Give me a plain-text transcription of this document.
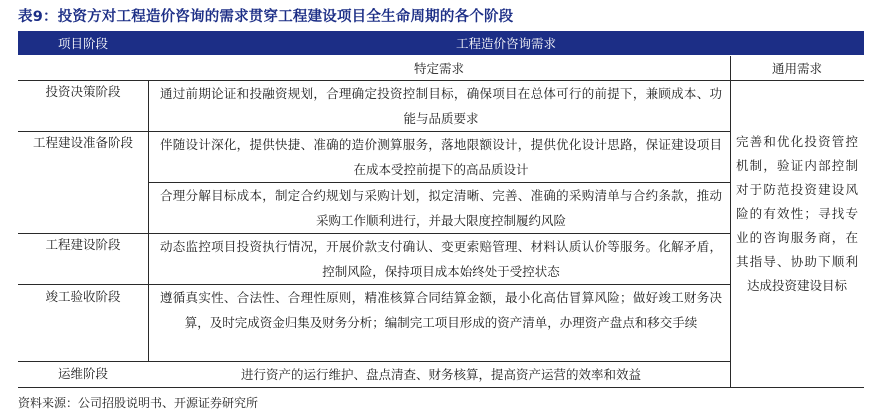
表9：投资方对工程造价咨询的需求贯穿工程建设项目全生命周期的各个阶段
项目阶段	工程造价咨询需求
特定需求	通用需求
投资决策阶段
工程建设准备阶段
工程建设阶段
竣工验收阶段
运维阶段
通过前期论证和投融资规划，合理确定投资控制目标，确保项目在总体可行的前提下，兼顾成本、功能与品质要求
伴随设计深化，提供快捷、准确的造价测算服务，落地限额设计，提供优化设计思路，保证建设项目在成本受控前提下的高品质设计
合理分解目标成本，制定合约规划与采购计划，拟定清晰、完善、准确的采购清单与合约条款，推动采购工作顺利进行，并最大限度控制履约风险
动态监控项目投资执行情况，开展价款支付确认、变更索赔管理、材料认质认价等服务。化解矛盾，控制风险，保持项目成本始终处于受控状态
遵循真实性、合法性、合理性原则，精准核算合同结算金额，最小化高估冒算风险；做好竣工财务决算，及时完成资金归集及财务分析；编制完工项目形成的资产清单，办理资产盘点和移交手续
进行资产的运行维护、盘点清查、财务核算，提高资产运营的效率和效益
完善和优化投资管控机制，验证内部控制对于防范投资建设风险的有效性；寻找专业的咨询服务商，在其指导、协助下顺利达成投资建设目标
资料来源：公司招股说明书、开源证券研究所
